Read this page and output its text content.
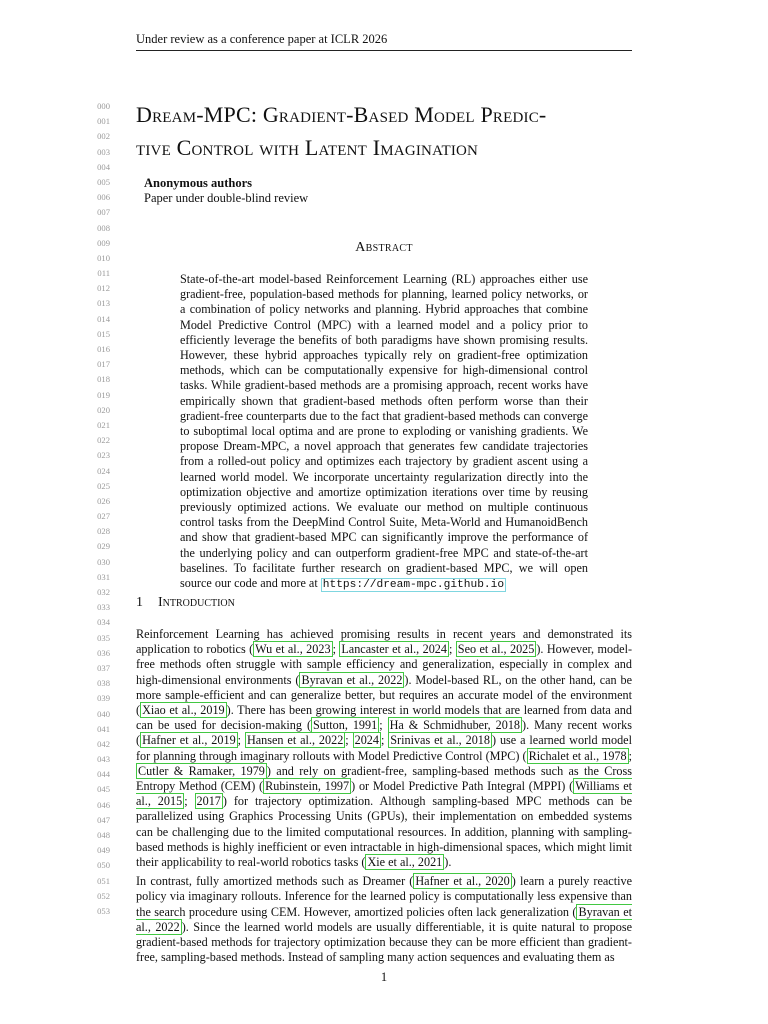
Under review as a conference paper at ICLR 2026
000
001
002
003
004
005
006
007
008
009
010
011
012
013
014
015
016
017
018
019
020
021
022
023
024
025
026
027
028
029
030
031
032
033
034
035
036
037
038
039
040
041
042
043
044
045
046
047
048
049
050
051
052
053
Dream-MPC: Gradient-Based Model Predic-
tive Control with Latent Imagination
Anonymous authors
Paper under double-blind review
Abstract

State-of-the-art model-based Reinforcement Learning (RL) approaches either use gradient-free, population-based methods for planning, learned policy networks, or a combination of policy networks and planning. Hybrid approaches that combine Model Predictive Control (MPC) with a learned model and a policy prior to efficiently leverage the benefits of both paradigms have shown promising results. However, these hybrid approaches typically rely on gradient-free optimization methods, which can be computationally expensive for high-dimensional control tasks. While gradient-based methods are a promising approach, recent works have empirically shown that gradient-based methods often perform worse than their gradient-free counterparts due to the fact that gradient-based methods can converge to suboptimal local optima and are prone to exploding or vanishing gradients. We propose Dream-MPC, a novel approach that generates few candidate trajectories from a rolled-out policy and optimizes each trajectory by gradient ascent using a learned world model. We incorporate uncertainty regularization directly into the optimization objective and amortize optimization iterations over time by reusing previously optimized actions. We evaluate our method on multiple continuous control tasks from the DeepMind Control Suite, Meta-World and HumanoidBench and show that gradient-based MPC can significantly improve the performance of the underlying policy and can outperform gradient-free MPC and state-of-the-art baselines. To facilitate further research on gradient-based MPC, we will open source our code and more at https://dream-mpc.github.io

1 Introduction

Reinforcement Learning has achieved promising results in recent years and demonstrated its application to robotics ( Wu et al., 2023 ; Lancaster et al., 2024 ; Seo et al., 2025 ). However, model-free methods often struggle with sample efficiency and generalization, especially in complex and high-dimensional environments ( Byravan et al., 2022 ). Model-based RL, on the other hand, can be more sample-efficient and can generalize better, but requires an accurate model of the environment ( Xiao et al., 2019 ). There has been growing interest in world models that are learned from data and can be used for decision-making ( Sutton, 1991 ; Ha & Schmidhuber, 2018 ). Many recent works ( Hafner et al., 2019 ; Hansen et al., 2022 ; 2024 ; Srinivas et al., 2018 ) use a learned world model for planning through imaginary rollouts with Model Predictive Control (MPC) ( Richalet et al., 1978 ; Cutler & Ramaker, 1979 ) and rely on gradient-free, sampling-based methods such as the Cross Entropy Method (CEM) ( Rubinstein, 1997 ) or Model Predictive Path Integral (MPPI) ( Williams et al., 2015 ; 2017 ) for trajectory optimization. Although sampling-based MPC methods can be parallelized using Graphics Processing Units (GPUs), their implementation on embedded systems can be challenging due to the limited computational resources. In addition, planning with sampling-based methods is highly inefficient or even intractable in high-dimensional spaces, which might limit their applicability to real-world robotics tasks ( Xie et al., 2021 ).

In contrast, fully amortized methods such as Dreamer ( Hafner et al., 2020 ) learn a purely reactive policy via imaginary rollouts. Inference for the learned policy is computationally less expensive than the search procedure using CEM. However, amortized policies often lack generalization ( Byravan et al., 2022 ). Since the learned world models are usually differentiable, it is quite natural to propose gradient-based methods for trajectory optimization because they can be more efficient than gradient-free, sampling-based methods. Instead of sampling many action sequences and evaluating them as

1
